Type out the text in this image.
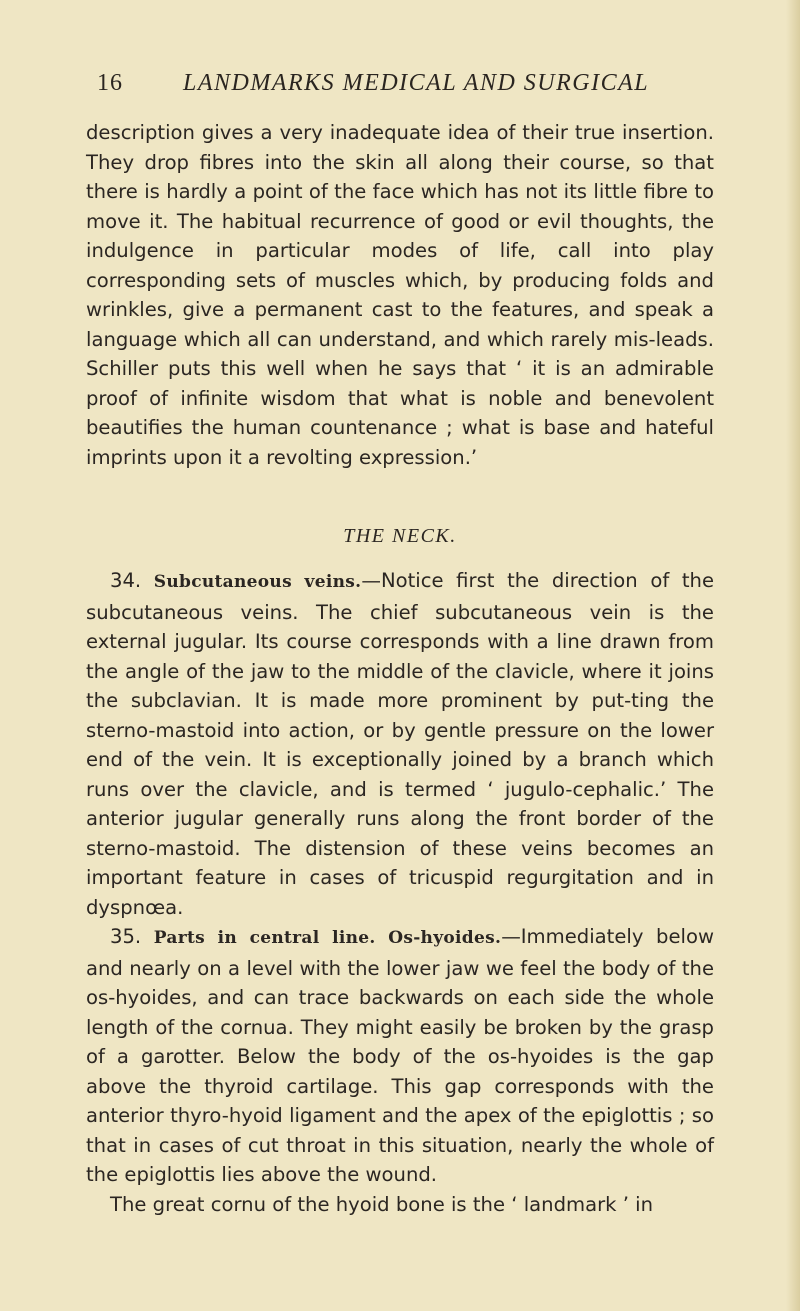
16	LANDMARKS MEDICAL AND SURGICAL

description gives a very inadequate idea of their true insertion. They drop fibres into the skin all along their course, so that there is hardly a point of the face which has not its little fibre to move it. The habitual recurrence of good or evil thoughts, the indulgence in particular modes of life, call into play corresponding sets of muscles which, by producing folds and wrinkles, give a permanent cast to the features, and speak a language which all can understand, and which rarely mis-leads. Schiller puts this well when he says that ‘ it is an admirable proof of infinite wisdom that what is noble and benevolent beautifies the human countenance ; what is base and hateful imprints upon it a revolting expression.’

THE NECK.

34. Subcutaneous veins.—Notice first the direction of the subcutaneous veins. The chief subcutaneous vein is the external jugular. Its course corresponds with a line drawn from the angle of the jaw to the middle of the clavicle, where it joins the subclavian. It is made more prominent by put-ting the sterno-mastoid into action, or by gentle pressure on the lower end of the vein. It is exceptionally joined by a branch which runs over the clavicle, and is termed ‘ jugulo-cephalic.’ The anterior jugular generally runs along the front border of the sterno-mastoid. The distension of these veins becomes an important feature in cases of tricuspid regurgitation and in dyspnœa.

35. Parts in central line. Os-hyoides.—Immediately below and nearly on a level with the lower jaw we feel the body of the os-hyoides, and can trace backwards on each side the whole length of the cornua. They might easily be broken by the grasp of a garotter. Below the body of the os-hyoides is the gap above the thyroid cartilage. This gap corresponds with the anterior thyro-hyoid ligament and the apex of the epiglottis ; so that in cases of cut throat in this situation, nearly the whole of the epiglottis lies above the wound.

The great cornu of the hyoid bone is the ‘ landmark ’ in
